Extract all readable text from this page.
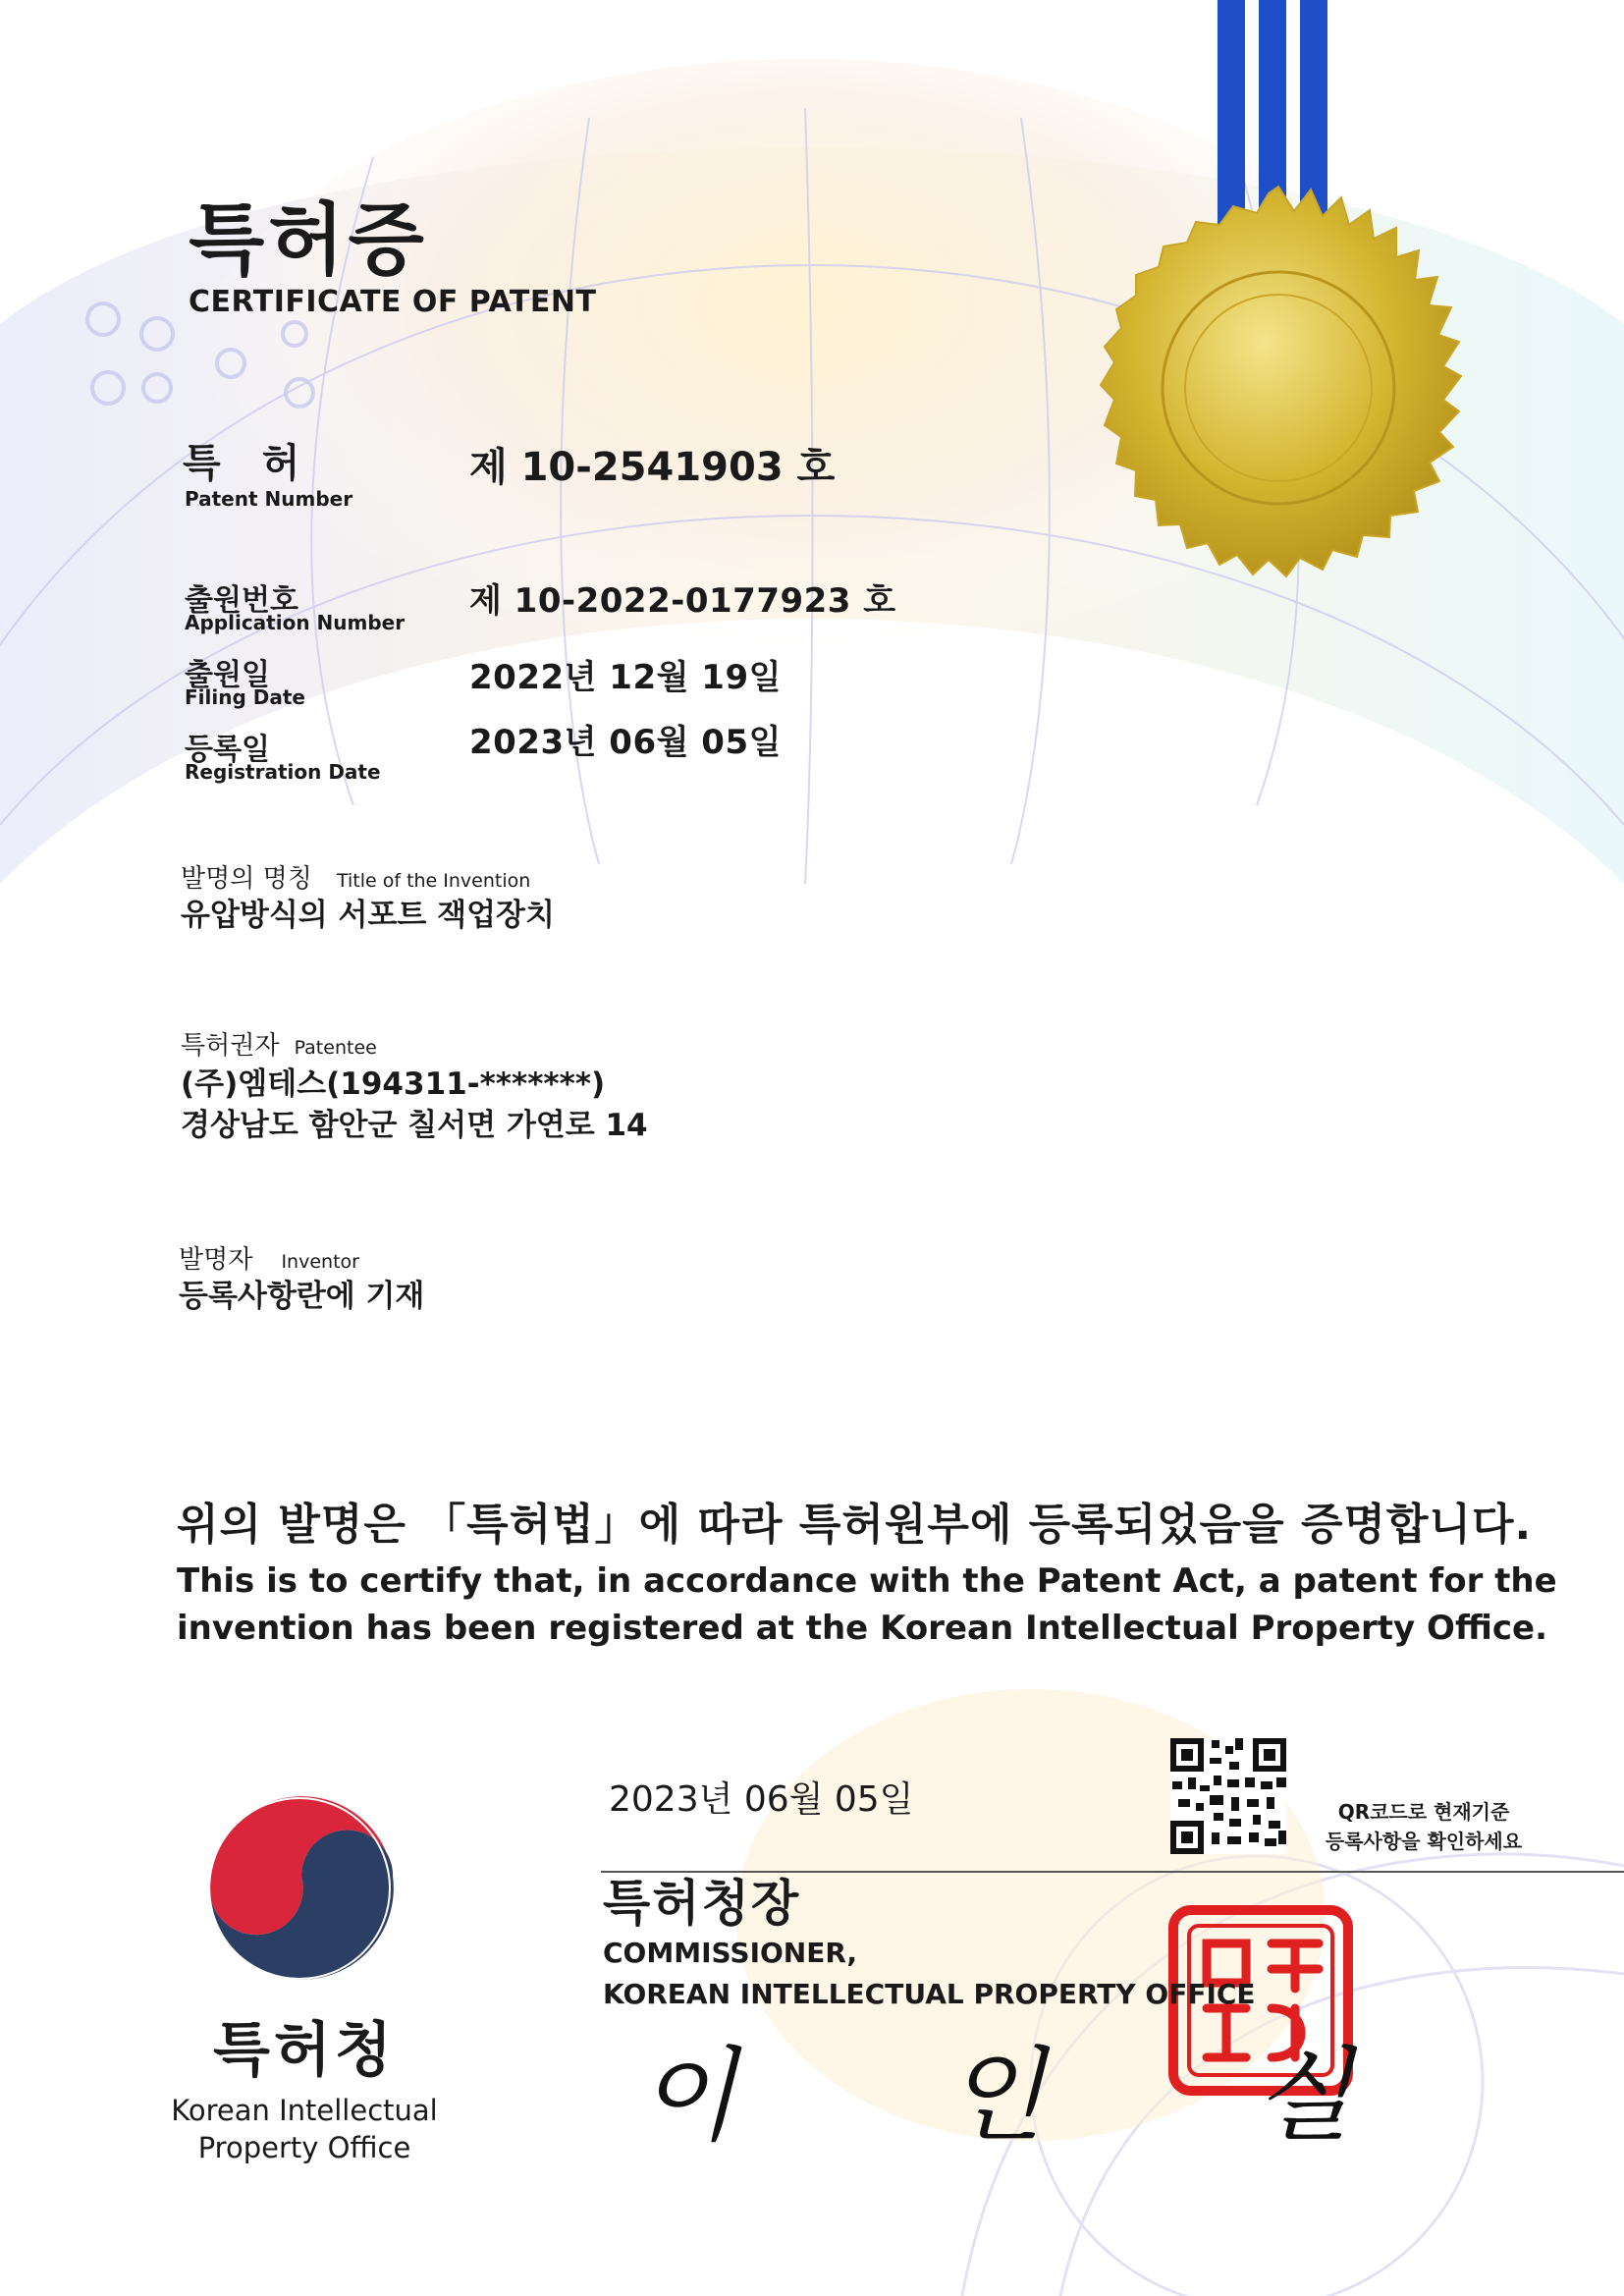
특허증
CERTIFICATE OF PATENT
특 허
Patent Number
제 10-2541903 호
출원번호
Application Number
제 10-2022-0177923 호
출원일
Filing Date	2022년 12월 19일
등록일
Registration Date
2023년 06월 05일
발명의 명칭 Title of the Invention
유압방식의 서포트 잭업장치
특허권자 Patentee
(주)엠테스(194311-*******)
경상남도 함안군 칠서면 가연로 14
발명자 Inventor
등록사항란에 기재
위의 발명은 「특허법」에 따라 특허원부에 등록되었음을 증명합니다.
This is to certify that, in accordance with the Patent Act, a patent for the
invention has been registered at the Korean Intellectual Property Office.
2023년 06월 05일
특허청장
COMMISSIONER,
KOREAN INTELLECTUAL PROPERTY OFFICE
이 인 실
QR코드로 현재기준
등록사항을 확인하세요
특허청
Korean Intellectual
Property Office
